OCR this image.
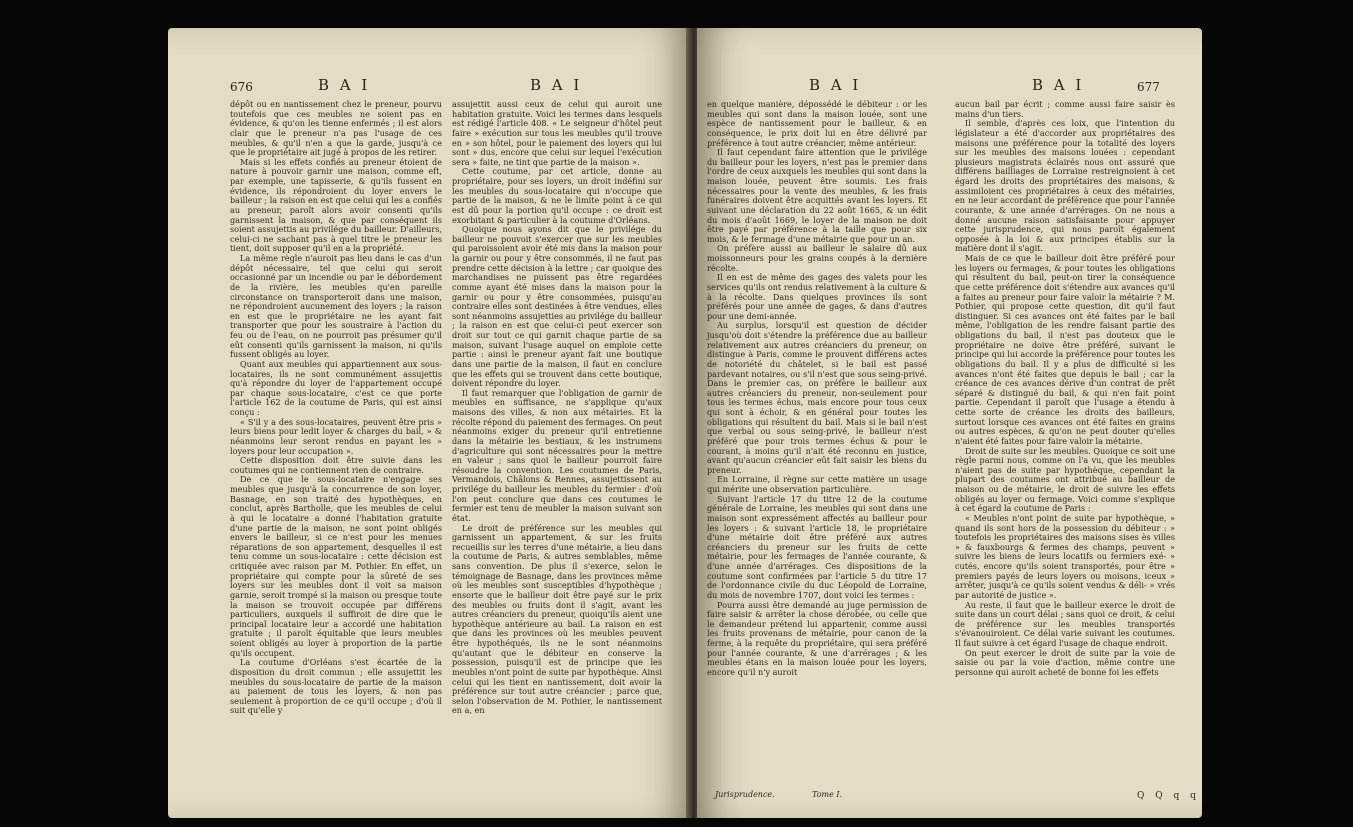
676	B A I	B A I

dépôt ou en nantissement chez le preneur, pourvu toutefois que ces meubles ne soient pas en évidence, & qu'on les tienne enfermés ; il est alors clair que le preneur n'a pas l'usage de ces meubles, & qu'il n'en a que la garde, jusqu'à ce que le propriétaire ait jugé à propos de les retirer.

Mais si les effets confiés au preneur étoient de nature à pouvoir garnir une maison, comme eft, par exemple, une tapisserie, & qu'ils fussent en évidence, ils répondroient du loyer envers le bailleur ; la raison en est que celui qui les a confiés au preneur, paroît alors avoir consenti qu'ils garnissent la maison, & que par conséquent ils soient assujettis au privilége du bailleur. D'ailleurs, celui-ci ne sachant pas à quel titre le preneur les tient, doit supposer qu'il en a la propriété.

La même règle n'auroit pas lieu dans le cas d'un dépôt nécessaire, tel que celui qui seroit occasionné par un incendie ou par le débordement de la rivière, les meubles qu'en pareille circonstance on transporteroit dans une maison, ne répondroient aucunement des loyers ; la raison en est que le propriétaire ne les ayant fait transporter que pour les soustraire à l'action du feu ou de l'eau, on ne pourroit pas présumer qu'il eût consenti qu'ils garnissent la maison, ni qu'ils fussent obligés au loyer.

Quant aux meubles qui appartiennent aux sous-locataires, ils ne sont communément assujettis qu'à répondre du loyer de l'appartement occupé par chaque sous-locataire, c'est ce que porte l'article 162 de la coutume de Paris, qui est ainsi conçu :

« S'il y a des sous-locataires, peuvent être pris » leurs biens pour ledit loyer & charges du bail, » & néanmoins leur seront rendus en payant les » loyers pour leur occupation ».

Cette disposition doit être suivie dans les coutumes qui ne contiennent rien de contraire.

De ce que le sous-locataire n'engage ses meubles que jusqu'à la concurrence de son loyer, Basnage, en son traité des hypothèques, en conclut, après Bartholle, que les meubles de celui à qui le locataire a donné l'habitation gratuite d'une partie de la maison, ne sont point obligés envers le bailleur, si ce n'est pour les menues réparations de son appartement, desquelles il est tenu comme un sous-locataire : cette décision est critiquée avec raison par M. Pothier. En effet, un propriétaire qui compte pour la sûreté de ses loyers sur les meubles dont il voit sa maison garnie, seroit trompé si la maison ou presque toute la maison se trouvoit occupée par différens particuliers, auxquels il suffiroit de dire que le principal locataire leur a accordé une habitation gratuite ; il paroît équitable que leurs meubles soient obligés au loyer à proportion de la partie qu'ils occupent.

La coutume d'Orléans s'est écartée de la disposition du droit commun ; elle assujettit les meubles du sous-locataire de partie de la maison au paiement de tous les loyers, & non pas seulement à proportion de ce qu'il occupe ; d'où il suit qu'elle y

assujettit aussi ceux de celui qui auroit une habitation gratuite. Voici les termes dans lesquels est rédigé l'article 408. « Le seigneur d'hôtel peut faire » exécution sur tous les meubles qu'il trouve en » son hôtel, pour le paiement des loyers qui lui sont » dus, encore que celui sur lequel l'exécution sera » faite, ne tint que partie de la maison ».

Cette coutume, par cet article, donne au propriétaire, pour ses loyers, un droit indéfini sur les meubles du sous-locataire qui n'occupe que partie de la maison, & ne le limite point à ce qui est dû pour la portion qu'il occupe : ce droit est exorbitant & particulier à la coutume d'Orléans.

Quoique nous ayons dit que le privilége du bailleur ne pouvoit s'exercer que sur les meubles qui paroissoient avoir été mis dans la maison pour la garnir ou pour y être consommés, il ne faut pas prendre cette décision à la lettre ; car quoique des marchandises ne puissent pas être regardées comme ayant été mises dans la maison pour la garnir ou pour y être consommées, puisqu'au contraire elles sont destinées à être vendues, elles sont néanmoins assujetties au privilége du bailleur ; la raison en est que celui-ci peut exercer son droit sur tout ce qui garnit chaque partie de sa maison, suivant l'usage auquel on emploie cette partie : ainsi le preneur ayant fait une boutique dans une partie de la maison, il faut en conclure que les effets qui se trouvent dans cette boutique, doivent répondre du loyer.

Il faut remarquer que l'obligation de garnir de meubles en suffisance, ne s'applique qu'aux maisons des villes, & non aux métairies. Et la récolte répond du paiement des fermages. On peut néanmoins exiger du preneur qu'il entretienne dans la métairie les bestiaux, & les instrumens d'agriculture qui sont nécessaires pour la mettre en valeur ; sans quoi le bailleur pourroit faire résoudre la convention. Les coutumes de Paris, Vermandois, Châlons & Rennes, assujettissent au privilége du bailleur les meubles du fermier : d'où l'on peut conclure que dans ces coutumes le fermier est tenu de meubler la maison suivant son état.

Le droit de préférence sur les meubles qui garnissent un appartement, & sur les fruits recueillis sur les terres d'une métairie, a lieu dans la coutume de Paris, & autres semblables, même sans convention. De plus il s'exerce, selon le témoignage de Basnage, dans les provinces même où les meubles sont susceptibles d'hypothèque ; ensorte que le bailleur doit être payé sur le prix des meubles ou fruits dont il s'agit, avant les autres créanciers du preneur, quoiqu'ils aient une hypothèque antérieure au bail. La raison en est que dans les provinces où les meubles peuvent être hypothéqués, ils ne le sont néanmoins qu'autant que le débiteur en conserve la possession, puisqu'il est de principe que les meubles n'ont point de suite par hypothèque. Ainsi celui qui les tient en nantissement, doit avoir la préférence sur tout autre créancier ; parce que, selon l'observation de M. Pothier, le nantissement en a, en

B A I	B A I	677

en quelque manière, dépossédé le débiteur : or les meubles qui sont dans la maison louée, sont une espèce de nantissement pour le bailleur, & en conséquence, le prix doit lui en être délivré par préférence à tout autre créancier, même antérieur.

Il faut cependant faire attention que le privilége du bailleur pour les loyers, n'est pas le premier dans l'ordre de ceux auxquels les meubles qui sont dans la maison louée, peuvent être soumis. Les frais nécessaires pour la vente des meubles, & les frais funéraires doivent être acquittés avant les loyers. Et suivant une déclaration du 22 août 1665, & un édit du mois d'août 1669, le loyer de la maison ne doit être payé par préférence à la taille que pour six mois, & le fermage d'une métairie que pour un an.

On préfère aussi au bailleur le salaire dû aux moissonneurs pour les grains coupés à la dernière récolte.

Il en est de même des gages des valets pour les services qu'ils ont rendus relativement à la culture & à la récolte. Dans quelques provinces ils sont préférés pour une année de gages, & dans d'autres pour une demi-année.

Au surplus, lorsqu'il est question de décider jusqu'où doit s'étendre la préférence due au bailleur relativement aux autres créanciers du preneur, on distingue à Paris, comme le prouvent différens actes de notoriété du châtelet, si le bail est passé pardevant notaires, ou s'il n'est que sous seing-privé. Dans le premier cas, on préfère le bailleur aux autres créanciers du preneur, non-seulement pour tous les termes échus, mais encore pour tous ceux qui sont à échoir, & en général pour toutes les obligations qui résultent du bail. Mais si le bail n'est que verbal ou sous seing-privé, le bailleur n'est préféré que pour trois termes échus & pour le courant, à moins qu'il n'ait été reconnu en justice, avant qu'aucun créancier eût fait saisir les biens du preneur.

En Lorraine, il règne sur cette matière un usage qui mérite une observation particulière.

Suivant l'article 17 du titre 12 de la coutume générale de Lorraine, les meubles qui sont dans une maison sont expressément affectés au bailleur pour les loyers : & suivant l'article 18, le propriétaire d'une métairie doit être préféré aux autres créanciers du preneur sur les fruits de cette métairie, pour les fermages de l'année courante, & d'une année d'arrérages. Ces dispositions de la coutume sont confirmées par l'article 5 du titre 17 de l'ordonnance civile du duc Léopold de Lorraine, du mois de novembre 1707, dont voici les termes :

Pourra aussi être demandé au juge permission de faire saisir & arrêter la chose dérobée, ou celle que le demandeur prétend lui appartenir, comme aussi les fruits provenans de métairie, pour canon de la ferme, à la requête du propriétaire, qui sera préféré pour l'année courante, & une d'arrérages ; & les meubles étans en la maison louée pour les loyers, encore qu'il n'y auroit

aucun bail par écrit ; comme aussi faire saisir ès mains d'un tiers.

Il semble, d'après ces loix, que l'intention du législateur a été d'accorder aux propriétaires des maisons une préférence pour la totalité des loyers sur les meubles des maisons louées : cependant plusieurs magistrats éclairés nous ont assuré que différens bailliages de Lorraine restreignoient à cet égard les droits des propriétaires des maisons, & assimiloient ces propriétaires à ceux des métairies, en ne leur accordant de préférence que pour l'année courante, & une année d'arrérages. On ne nous a donné aucune raison satisfaisante pour appuyer cette jurisprudence, qui nous paroît également opposée à la loi & aux principes établis sur la matière dont il s'agit.

Mais de ce que le bailleur doit être préféré pour les loyers ou fermages, & pour toutes les obligations qui résultent du bail, peut-on tirer la conséquence que cette préférence doit s'étendre aux avances qu'il a faites au preneur pour faire valoir la métairie ? M. Pothier, qui propose cette question, dit qu'il faut distinguer. Si ces avances ont été faites par le bail même, l'obligation de les rendre faisant partie des obligations du bail, il n'est pas douteux que le propriétaire ne doive être préféré, suivant le principe qui lui accorde la préférence pour toutes les obligations du bail. Il y a plus de difficulté si les avances n'ont été faites que depuis le bail ; car la créance de ces avances dérive d'un contrat de prêt séparé & distingué du bail, & qui n'en fait point partie. Cependant il paroît que l'usage a étendu à cette sorte de créance les droits des bailleurs, surtout lorsque ces avances ont été faites en grains ou autres espèces, & qu'on ne peut douter qu'elles n'aient été faites pour faire valoir la métairie.

Droit de suite sur les meubles. Quoique ce soit une règle parmi nous, comme on l'a vu, que les meubles n'aient pas de suite par hypothèque, cependant la plupart des coutumes ont attribué au bailleur de maison ou de métairie, le droit de suivre les effets obligés au loyer ou fermage. Voici comme s'explique à cet égard la coutume de Paris :

« Meubles n'ont point de suite par hypothèque, » quand ils sont hors de la possession du débiteur : » toutefois les propriétaires des maisons sises ès villes » & fauxbourgs & fermes des champs, peuvent » suivre les biens de leurs locatifs ou fermiers exé- » cutés, encore qu'ils soient transportés, pour être » premiers payés de leurs loyers ou moisons, iceux » arrêter, jusqu'à ce qu'ils soient vendus & déli- » vrés par autorité de justice ».

Au reste, il faut que le bailleur exerce le droit de suite dans un court délai ; sans quoi ce droit, & celui de préférence sur les meubles transportés s'évanouiroient. Ce délai varie suivant les coutumes. Il faut suivre à cet égard l'usage de chaque endroit.

On peut exercer le droit de suite par la voie de saisie ou par la voie d'action, même contre une personne qui auroit acheté de bonne foi les effets

Jurisprudence.	Tome I.	Q Q q q
